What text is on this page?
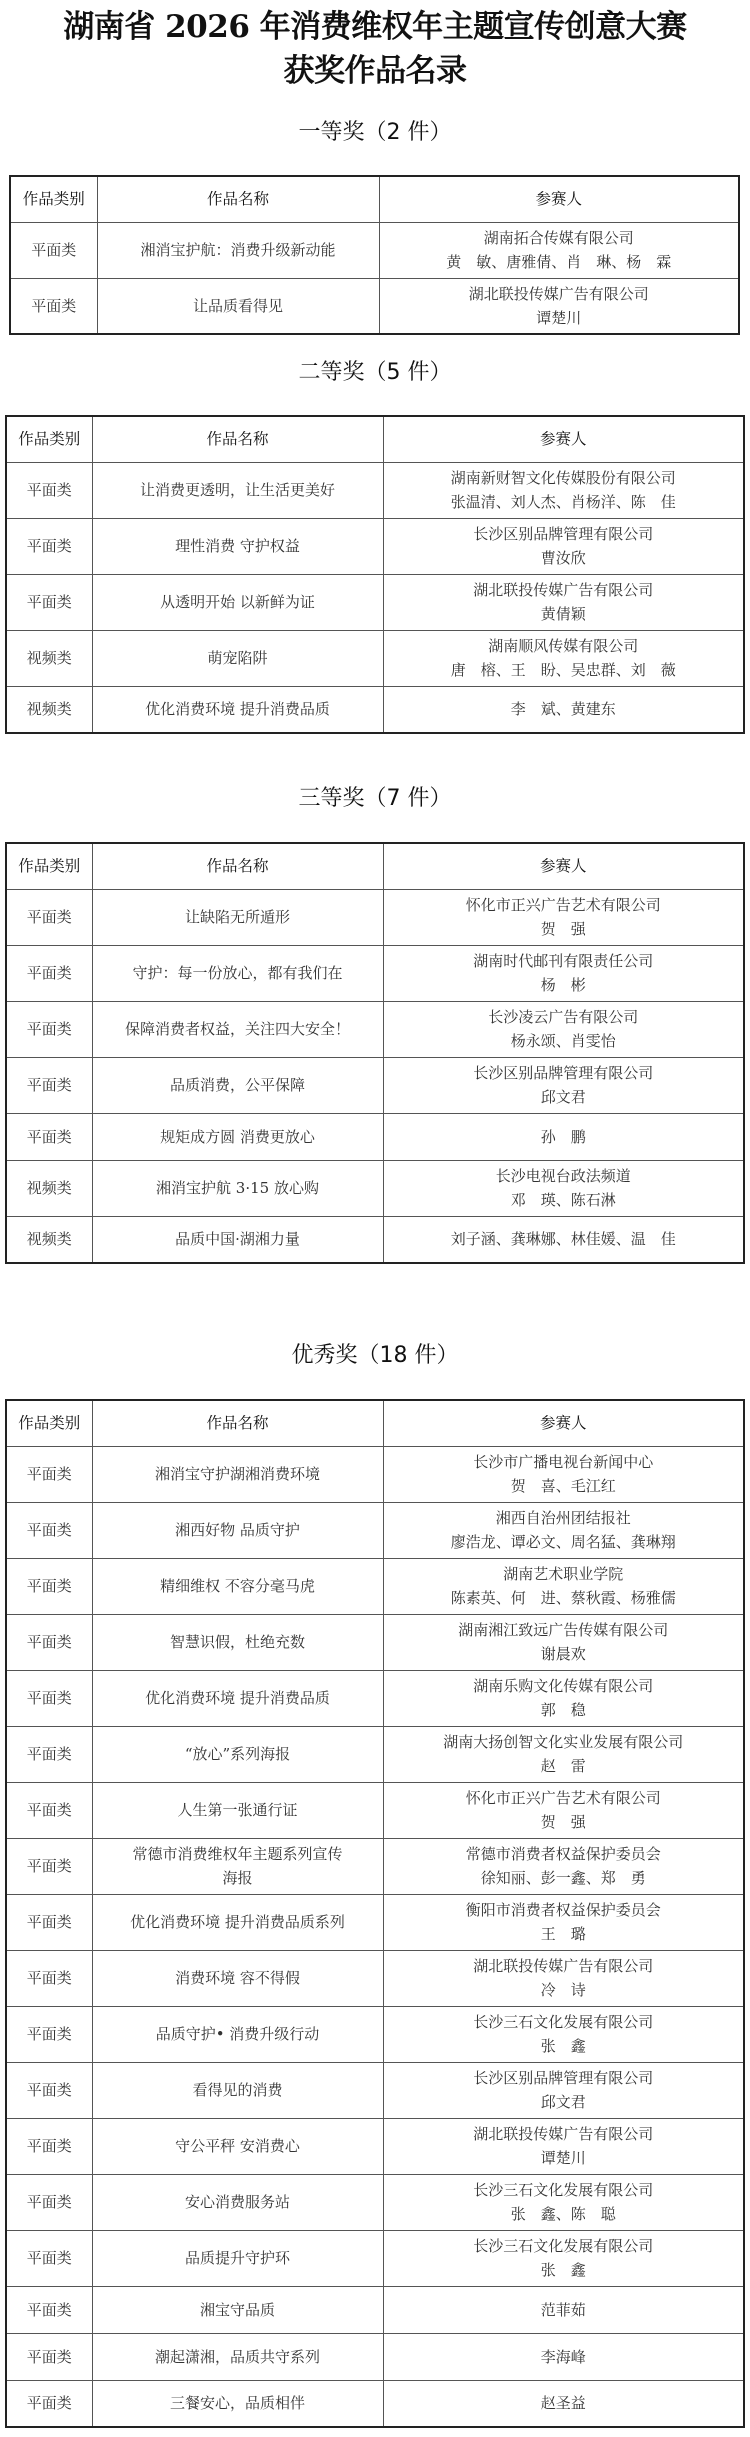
湖南省 2026 年消费维权年主题宣传创意大赛
获奖作品名录
一等奖（2 件）
作品类别	作品名称	参赛人
平面类	湘消宝护航：消费升级新动能	湖南拓合传媒有限公司
黄　敏、唐雅倩、肖　琳、杨　霖

平面类	让品质看得见	湖北联投传媒广告有限公司
谭楚川
二等奖（5 件）
作品类别	作品名称	参赛人
平面类	让消费更透明，让生活更美好	湖南新财智文化传媒股份有限公司
张温清、刘人杰、肖杨洋、陈　佳

平面类	理性消费 守护权益	长沙区别品牌管理有限公司
曹汝欣

平面类	从透明开始 以新鲜为证	湖北联投传媒广告有限公司
黄倩颖

视频类	萌宠陷阱	湖南顺风传媒有限公司
唐　榕、王　盼、吴忠群、刘　薇

视频类	优化消费环境 提升消费品质	李　斌、黄建东
三等奖（7 件）
作品类别	作品名称	参赛人
平面类	让缺陷无所遁形	怀化市正兴广告艺术有限公司
贺　强

平面类	守护：每一份放心，都有我们在	湖南时代邮刊有限责任公司
杨　彬

平面类	保障消费者权益，关注四大安全！	长沙凌云广告有限公司
杨永颂、肖雯怡

平面类	品质消费，公平保障	长沙区别品牌管理有限公司
邱文君

平面类	规矩成方圆 消费更放心	孙　鹏

视频类	湘消宝护航 3·15 放心购	长沙电视台政法频道
邓　瑛、陈石淋

视频类	品质中国·湖湘力量	刘子涵、龚琳娜、林佳媛、温　佳
优秀奖（18 件）
作品类别	作品名称	参赛人
平面类	湘消宝守护湖湘消费环境	长沙市广播电视台新闻中心
贺　喜、毛江红

平面类	湘西好物 品质守护	湘西自治州团结报社
廖浩龙、谭必文、周名猛、龚琳翔

平面类	精细维权 不容分毫马虎	湖南艺术职业学院
陈素英、何　进、蔡秋霞、杨雅儒

平面类	智慧识假，杜绝充数	湖南湘江致远广告传媒有限公司
谢晨欢

平面类	优化消费环境 提升消费品质	湖南乐购文化传媒有限公司
郭　稳

平面类	“放心”系列海报	湖南大扬创智文化实业发展有限公司
赵　雷

平面类	人生第一张通行证	怀化市正兴广告艺术有限公司
贺　强

平面类	常德市消费维权年主题系列宣传
海报	常德市消费者权益保护委员会
徐知丽、彭一鑫、郑　勇

平面类	优化消费环境 提升消费品质系列	衡阳市消费者权益保护委员会
王　璐

平面类	消费环境 容不得假	湖北联投传媒广告有限公司
冷　诗

平面类	品质守护• 消费升级行动	长沙三石文化发展有限公司
张　鑫

平面类	看得见的消费	长沙区别品牌管理有限公司
邱文君

平面类	守公平秤 安消费心	湖北联投传媒广告有限公司
谭楚川

平面类	安心消费服务站	长沙三石文化发展有限公司
张　鑫、陈　聪

平面类	品质提升守护环	长沙三石文化发展有限公司
张　鑫

平面类	湘宝守品质	范菲茹

平面类	潮起潇湘，品质共守系列	李海峰

平面类	三餐安心，品质相伴	赵圣益
